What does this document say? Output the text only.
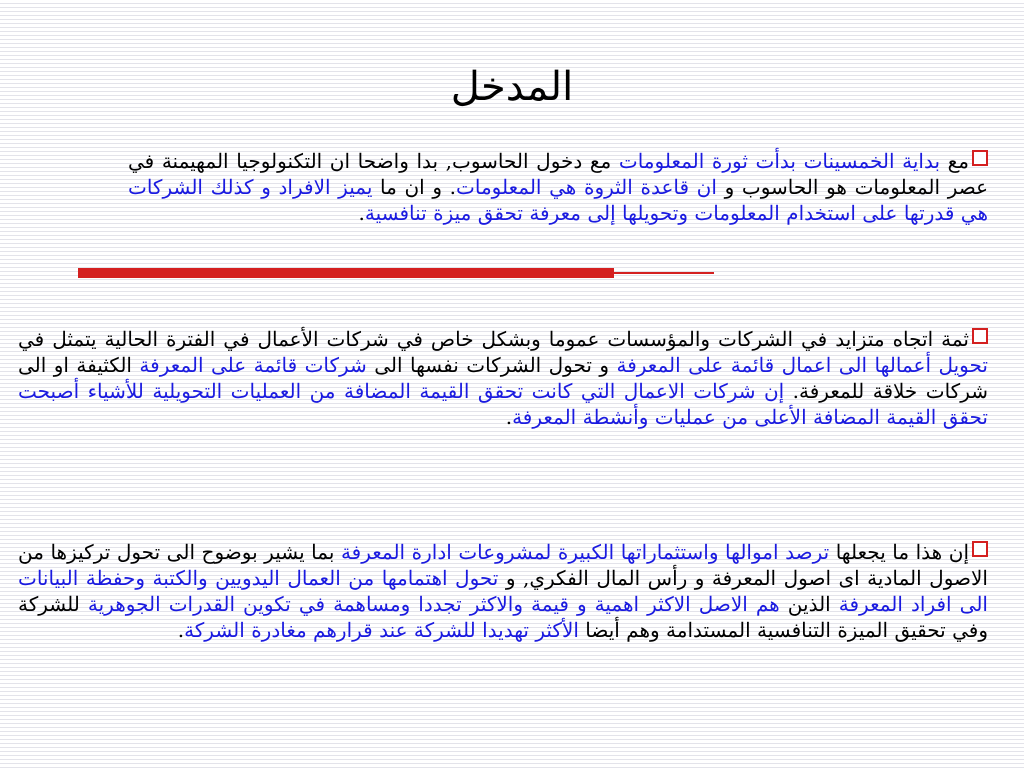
المدخل
مع بداية الخمسينات بدأت ثورة المعلومات مع دخول الحاسوب, بدا واضحا ان التكنولوجيا المهيمنة في عصر المعلومات هو الحاسوب و ان قاعدة الثروة هي المعلومات. و ان ما يميز الافراد و كذلك الشركات هي قدرتها على استخدام المعلومات وتحويلها إلى معرفة تحقق ميزة تنافسية.
ثمة اتجاه متزايد في الشركات والمؤسسات عموما وبشكل خاص في شركات الأعمال في الفترة الحالية يتمثل في تحويل أعمالها الى اعمال قائمة على المعرفة و تحول الشركات نفسها الى شركات قائمة على المعرفة الكثيفة او الى شركات خلاقة للمعرفة. إن شركات الاعمال التي كانت تحقق القيمة المضافة من العمليات التحويلية للأشياء أصبحت تحقق القيمة المضافة الأعلى من عمليات وأنشطة المعرفة.
إن هذا ما يجعلها ترصد اموالها واستثماراتها الكبيرة لمشروعات ادارة المعرفة بما يشير بوضوح الى تحول تركيزها من الاصول المادية اى اصول المعرفة و رأس المال الفكري, و تحول اهتمامها من العمال اليدويين والكتبة وحفظة البيانات الى افراد المعرفة الذين هم الاصل الاكثر اهمية و قيمة والاكثر تجددا ومساهمة في تكوين القدرات الجوهرية للشركة وفي تحقيق الميزة التنافسية المستدامة وهم أيضا الأكثر تهديدا للشركة عند قرارهم مغادرة الشركة.
